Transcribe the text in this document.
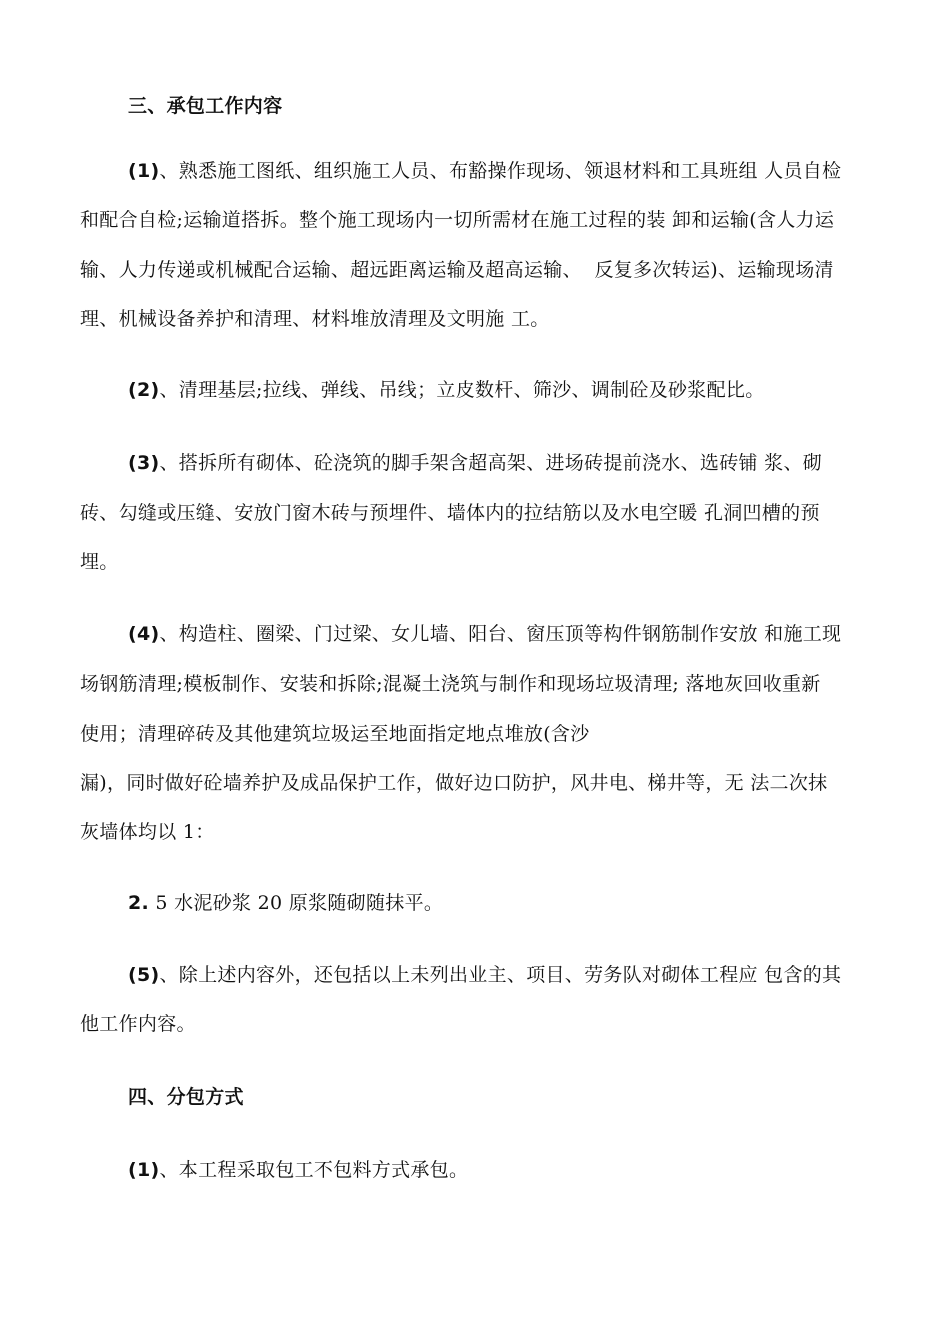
三、承包工作内容
(1)、熟悉施工图纸、组织施工人员、布豁操作现场、领退材料和工具班组 人员自检
和配合自检;运输道搭拆。整个施工现场内一切所需材在施工过程的装 卸和运输(含人力运
输、人力传递或机械配合运输、超远距离运输及超高运输、  反复多次转运)、运输现场清
理、机械设备养护和清理、材料堆放清理及文明施 工。
(2)、清理基层;拉线、弹线、吊线；立皮数杆、筛沙、调制砼及砂浆配比。
(3)、搭拆所有砌体、砼浇筑的脚手架含超高架、进场砖提前浇水、选砖铺 浆、砌
砖、勾缝或压缝、安放门窗木砖与预埋件、墙体内的拉结筋以及水电空暖 孔洞凹槽的预
埋。
(4)、构造柱、圈梁、门过梁、女儿墙、阳台、窗压顶等构件钢筋制作安放 和施工现
场钢筋清理;模板制作、安装和拆除;混凝土浇筑与制作和现场垃圾清理; 落地灰回收重新
使用；清理碎砖及其他建筑垃圾运至地面指定地点堆放(含沙
漏)，同时做好砼墙养护及成品保护工作，做好边口防护，风井电、梯井等，无 法二次抹
灰墙体均以 1：
2. 5 水泥砂浆 20 原浆随砌随抹平。
(5)、除上述内容外，还包括以上未列出业主、项目、劳务队对砌体工程应 包含的其
他工作内容。
四、分包方式
(1)、本工程采取包工不包料方式承包。
